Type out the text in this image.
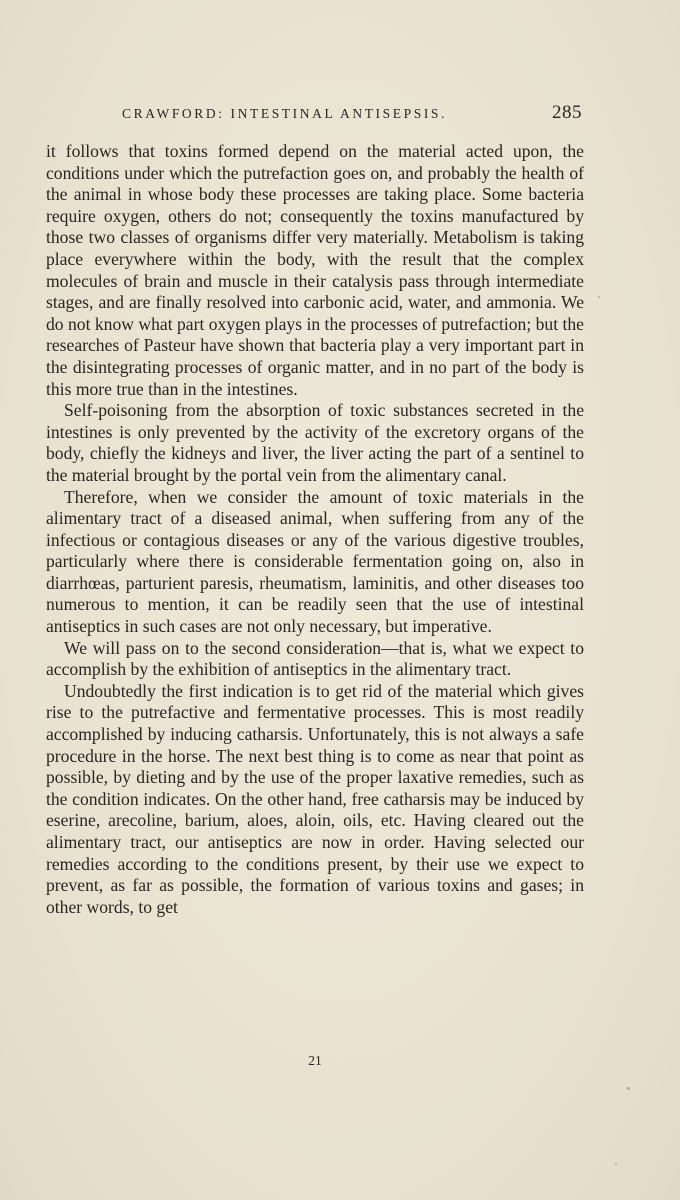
CRAWFORD: INTESTINAL ANTISEPSIS.	285

it follows that toxins formed depend on the material acted upon, the conditions under which the putrefaction goes on, and probably the health of the animal in whose body these processes are taking place. Some bacteria require oxygen, others do not; consequently the toxins manufactured by those two classes of organisms differ very materially. Metabolism is taking place everywhere within the body, with the result that the complex molecules of brain and muscle in their catalysis pass through intermediate stages, and are finally resolved into carbonic acid, water, and ammonia. We do not know what part oxygen plays in the processes of putrefaction; but the researches of Pasteur have shown that bacteria play a very important part in the disintegrating processes of organic matter, and in no part of the body is this more true than in the intestines.

Self-poisoning from the absorption of toxic substances secreted in the intestines is only prevented by the activity of the excretory organs of the body, chiefly the kidneys and liver, the liver acting the part of a sentinel to the material brought by the portal vein from the alimentary canal.

Therefore, when we consider the amount of toxic materials in the alimentary tract of a diseased animal, when suffering from any of the infectious or contagious diseases or any of the various digestive troubles, particularly where there is considerable fermentation going on, also in diarrhœas, parturient paresis, rheumatism, laminitis, and other diseases too numerous to mention, it can be readily seen that the use of intestinal antiseptics in such cases are not only necessary, but imperative.

We will pass on to the second consideration—that is, what we expect to accomplish by the exhibition of antiseptics in the alimentary tract.

Undoubtedly the first indication is to get rid of the material which gives rise to the putrefactive and fermentative processes. This is most readily accomplished by inducing catharsis. Unfortunately, this is not always a safe procedure in the horse. The next best thing is to come as near that point as possible, by dieting and by the use of the proper laxative remedies, such as the condition indicates. On the other hand, free catharsis may be induced by eserine, arecoline, barium, aloes, aloin, oils, etc. Having cleared out the alimentary tract, our antiseptics are now in order. Having selected our remedies according to the conditions present, by their use we expect to prevent, as far as possible, the formation of various toxins and gases; in other words, to get

21
